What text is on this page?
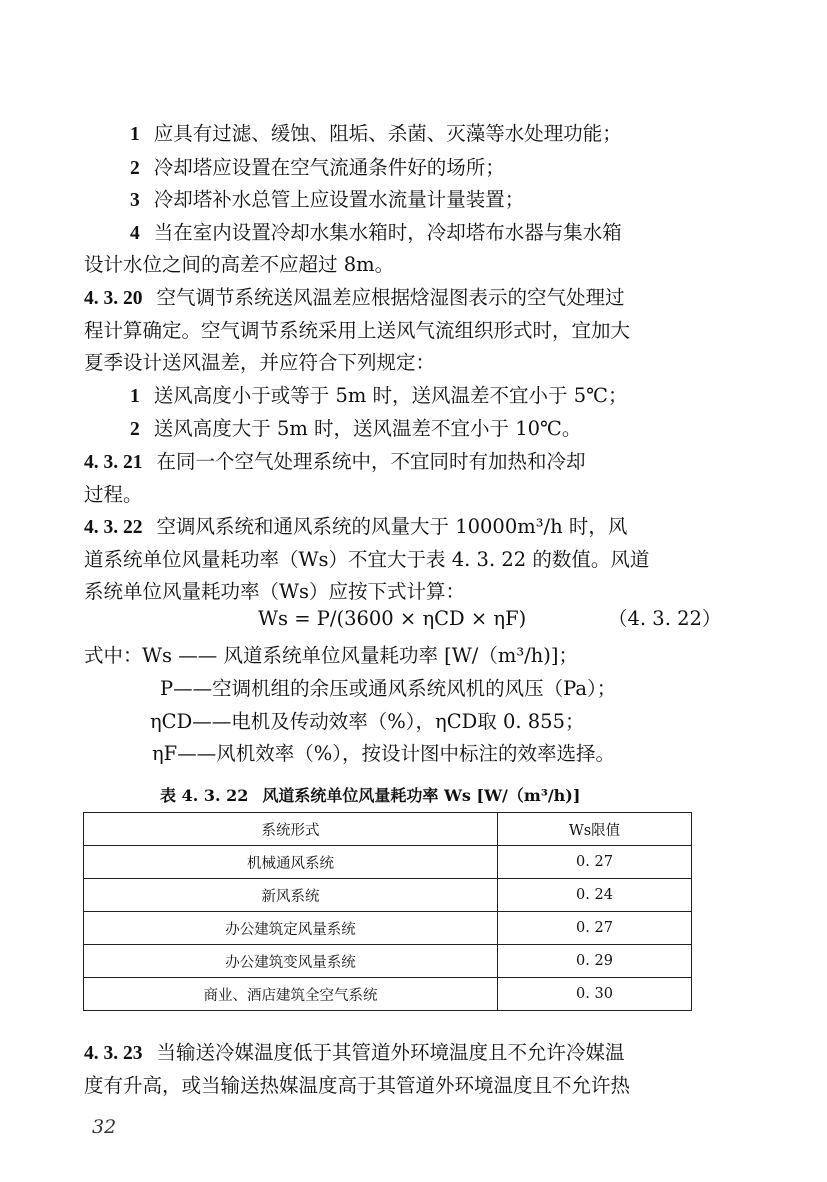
1 应具有过滤、缓蚀、阻垢、杀菌、灭藻等水处理功能；
2 冷却塔应设置在空气流通条件好的场所；
3 冷却塔补水总管上应设置水流量计量装置；
4 当在室内设置冷却水集水箱时，冷却塔布水器与集水箱
设计水位之间的高差不应超过 8m。
4. 3. 20 空气调节系统送风温差应根据焓湿图表示的空气处理过
程计算确定。空气调节系统采用上送风气流组织形式时，宜加大
夏季设计送风温差，并应符合下列规定：
1 送风高度小于或等于 5m 时，送风温差不宜小于 5℃；
2 送风高度大于 5m 时，送风温差不宜小于 10℃。
4. 3. 21 在同一个空气处理系统中，不宜同时有加热和冷却
过程。
4. 3. 22 空调风系统和通风系统的风量大于 10000m³/h 时，风
道系统单位风量耗功率（Ws）不宜大于表 4. 3. 22 的数值。风道
系统单位风量耗功率（Ws）应按下式计算：
Ws = P/(3600 × ηCD × ηF)	（4. 3. 22）
式中： Ws —— 风道系统单位风量耗功率 [W/（m³/h)]；
P——空调机组的余压或通风系统风机的风压（Pa）；
ηCD——电机及传动效率（%），ηCD取 0. 855；
ηF——风机效率（%），按设计图中标注的效率选择。
表 4. 3. 22 风道系统单位风量耗功率 Ws [W/（m³/h)]
系统形式	Ws限值
机械通风系统	0. 27
新风系统	0. 24
办公建筑定风量系统	0. 27
办公建筑变风量系统	0. 29
商业、酒店建筑全空气系统	0. 30
4. 3. 23 当输送冷媒温度低于其管道外环境温度且不允许冷媒温
度有升高，或当输送热媒温度高于其管道外环境温度且不允许热
32
